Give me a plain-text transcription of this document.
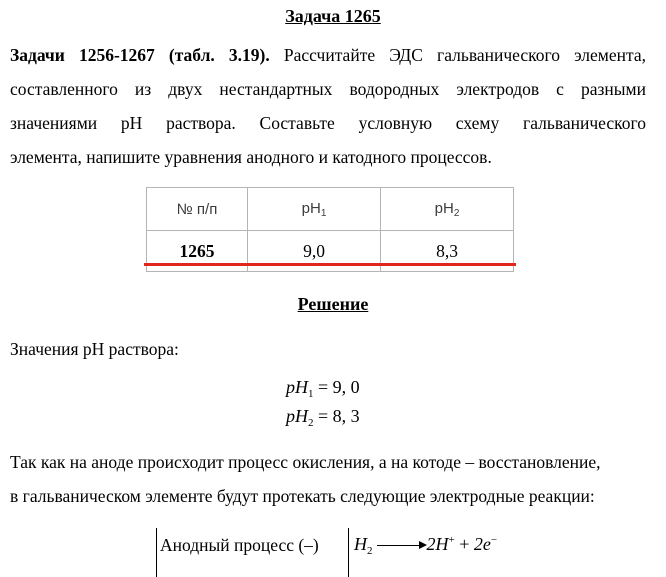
Задача 1265
Задачи 1256-1267 (табл. 3.19). Рассчитайте ЭДС гальванического элемента,
составленного из двух нестандартных водородных электродов с разными
значениями pH раствора. Составьте условную схему гальванического
элемента, напишите уравнения анодного и катодного процессов.
№ п/п	$pH_1$	$pH_2$
1265	9,0	8,3
Решение
Значения pH раствора:
$pH_1 = 9$, 0
$pH_2 = 8$, 3
Так как на аноде происходит процесс окисления, а на котоде – восстановление,
в гальваническом элементе будут протекать следующие электродные реакции:
Анодный процесс (–) $H_2 \to 2H^+ + 2e^-$
